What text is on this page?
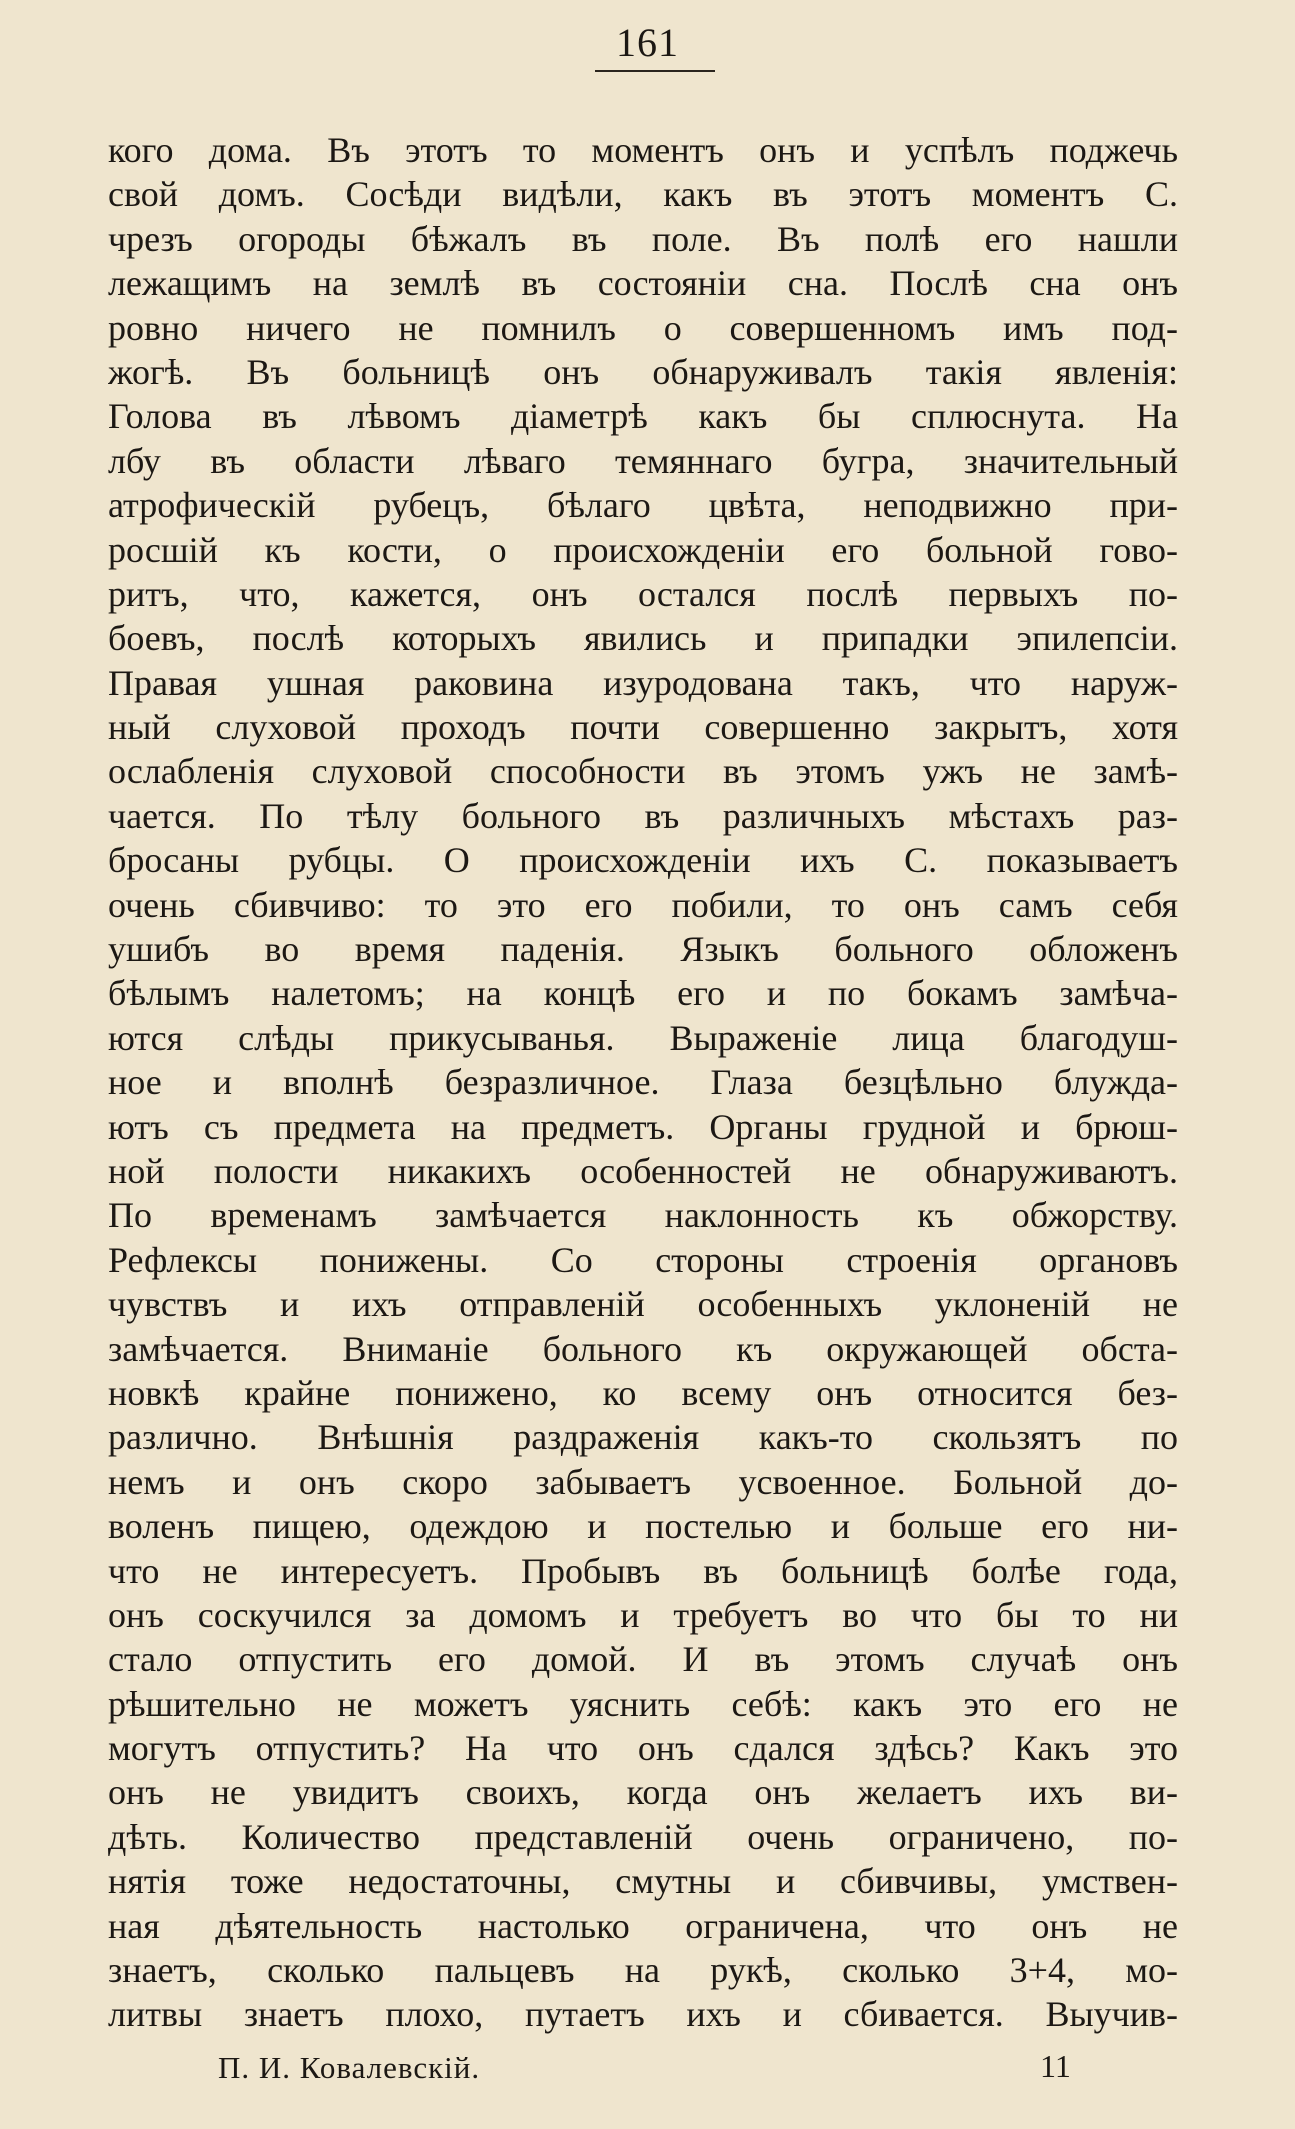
161
кого дома. Въ этотъ то моментъ онъ и успѣлъ поджечь
свой домъ. Сосѣди видѣли, какъ въ этотъ моментъ С.
чрезъ огороды бѣжалъ въ поле. Въ полѣ его нашли
лежащимъ на землѣ въ состояніи сна. Послѣ сна онъ
ровно ничего не помнилъ о совершенномъ имъ под-
жогѣ. Въ больницѣ онъ обнаруживалъ такія явленія:
Голова въ лѣвомъ діаметрѣ какъ бы сплюснута. На
лбу въ области лѣваго темяннаго бугра, значительный
атрофическій рубецъ, бѣлаго цвѣта, неподвижно при-
росшій къ кости, о происхожденіи его больной гово-
ритъ, что, кажется, онъ остался послѣ первыхъ по-
боевъ, послѣ которыхъ явились и припадки эпилепсіи.
Правая ушная раковина изуродована такъ, что наруж-
ный слуховой проходъ почти совершенно закрытъ, хотя
ослабленія слуховой способности въ этомъ ужъ не замѣ-
чается. По тѣлу больного въ различныхъ мѣстахъ раз-
бросаны рубцы. О происхожденіи ихъ С. показываетъ
очень сбивчиво: то это его побили, то онъ самъ себя
ушибъ во время паденія. Языкъ больного обложенъ
бѣлымъ налетомъ; на концѣ его и по бокамъ замѣча-
ются слѣды прикусыванья. Выраженіе лица благодуш-
ное и вполнѣ безразличное. Глаза безцѣльно блужда-
ютъ съ предмета на предметъ. Органы грудной и брюш-
ной полости никакихъ особенностей не обнаруживаютъ.
По временамъ замѣчается наклонность къ обжорству.
Рефлексы понижены. Со стороны строенія органовъ
чувствъ и ихъ отправленій особенныхъ уклоненій не
замѣчается. Вниманіе больного къ окружающей обста-
новкѣ крайне понижено, ко всему онъ относится без-
различно. Внѣшнія раздраженія какъ-то скользятъ по
немъ и онъ скоро забываетъ усвоенное. Больной до-
воленъ пищею, одеждою и постелью и больше его ни-
что не интересуетъ. Пробывъ въ больницѣ болѣе года,
онъ соскучился за домомъ и требуетъ во что бы то ни
стало отпустить его домой. И въ этомъ случаѣ онъ
рѣшительно не можетъ уяснить себѣ: какъ это его не
могутъ отпустить? На что онъ сдался здѣсь? Какъ это
онъ не увидитъ своихъ, когда онъ желаетъ ихъ ви-
дѣть. Количество представленій очень ограничено, по-
нятія тоже недостаточны, смутны и сбивчивы, умствен-
ная дѣятельность настолько ограничена, что онъ не
знаетъ, сколько пальцевъ на рукѣ, сколько 3+4, мо-
литвы знаетъ плохо, путаетъ ихъ и сбивается. Выучив-
П. И. Ковалевскій.	11
